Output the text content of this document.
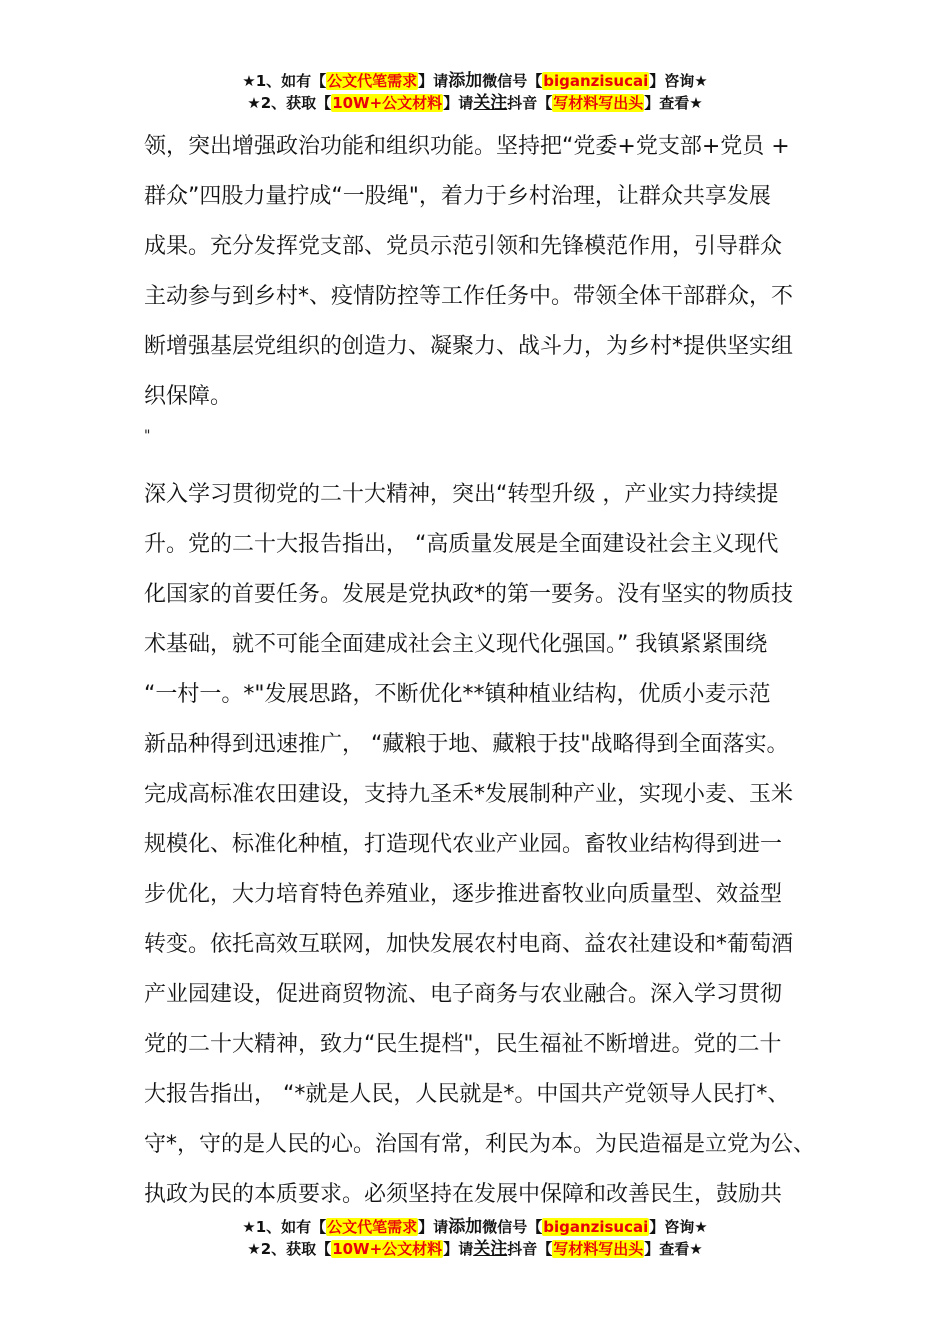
★1、如有【公文代笔需求】请添加微信号【biganzisucai】咨询★
★2、获取【10W+公文材料】请关注抖音【写材料写出头】查看★

领，突出增强政治功能和组织功能。坚持把“党委+党支部+党员 +

群众”四股力量拧成“一股绳"，着力于乡村治理，让群众共享发展

成果。充分发挥党支部、党员示范引领和先锋模范作用，引导群众

主动参与到乡村*、疫情防控等工作任务中。带领全体干部群众，不

断增强基层党组织的创造力、凝聚力、战斗力，为乡村*提供坚实组

织保障。

"

深入学习贯彻党的二十大精神，突出“转型升级 ，产业实力持续提

升。党的二十大报告指出， “高质量发展是全面建设社会主义现代

化国家的首要任务。发展是党执政*的第一要务。没有坚实的物质技

术基础，就不可能全面建成社会主义现代化强国。” 我镇紧紧围绕

“一村一。*"发展思路，不断优化**镇种植业结构，优质小麦示范

新品种得到迅速推广， “藏粮于地、藏粮于技"战略得到全面落实。

完成高标准农田建设，支持九圣禾*发展制种产业，实现小麦、玉米

规模化、标准化种植，打造现代农业产业园。畜牧业结构得到进一

步优化，大力培育特色养殖业，逐步推进畜牧业向质量型、效益型

转变。依托高效互联网，加快发展农村电商、益农社建设和*葡萄酒

产业园建设，促进商贸物流、电子商务与农业融合。深入学习贯彻

党的二十大精神，致力“民生提档"，民生福祉不断增进。党的二十

大报告指出， “*就是人民，人民就是*。中国共产党领导人民打*、

守*，守的是人民的心。治国有常，利民为本。为民造福是立党为公、

执政为民的本质要求。必须坚持在发展中保障和改善民生，鼓励共

★1、如有【公文代笔需求】请添加微信号【biganzisucai】咨询★
★2、获取【10W+公文材料】请关注抖音【写材料写出头】查看★
